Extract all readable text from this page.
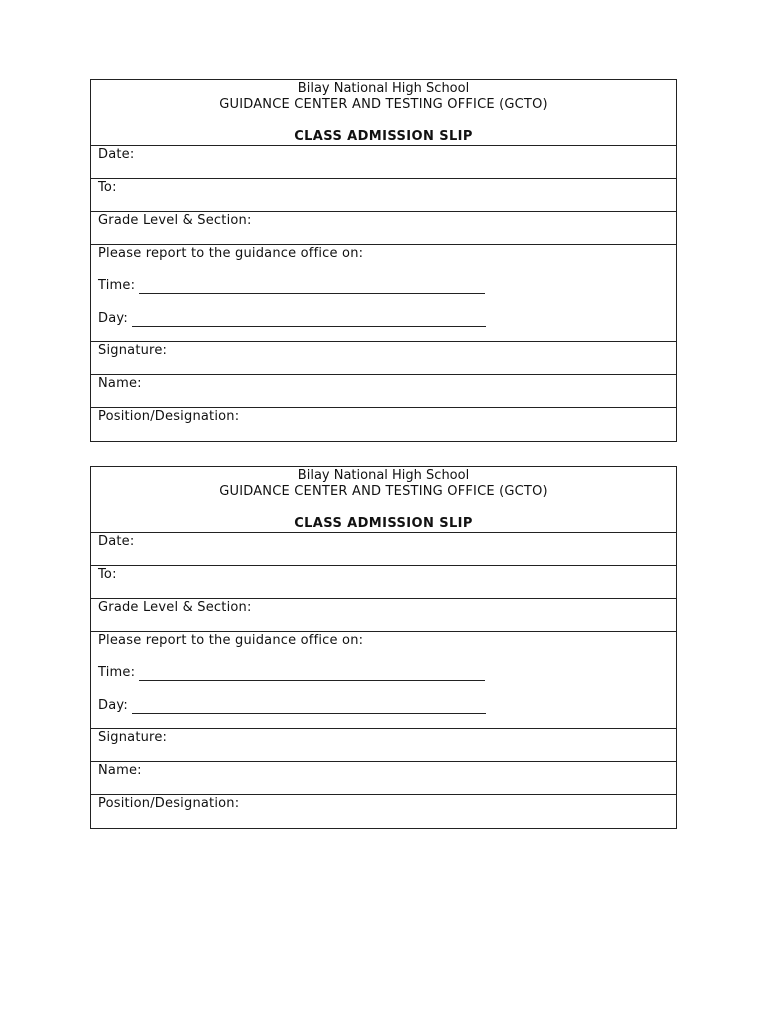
Bilay National High School
GUIDANCE CENTER AND TESTING OFFICE (GCTO)
CLASS ADMISSION SLIP
Date:
To:
Grade Level & Section:
Please report to the guidance office on:
Time:
Day:
Signature:
Name:
Position/Designation:
Bilay National High School
GUIDANCE CENTER AND TESTING OFFICE (GCTO)
CLASS ADMISSION SLIP
Date:
To:
Grade Level & Section:
Please report to the guidance office on:
Time:
Day:
Signature:
Name:
Position/Designation:
